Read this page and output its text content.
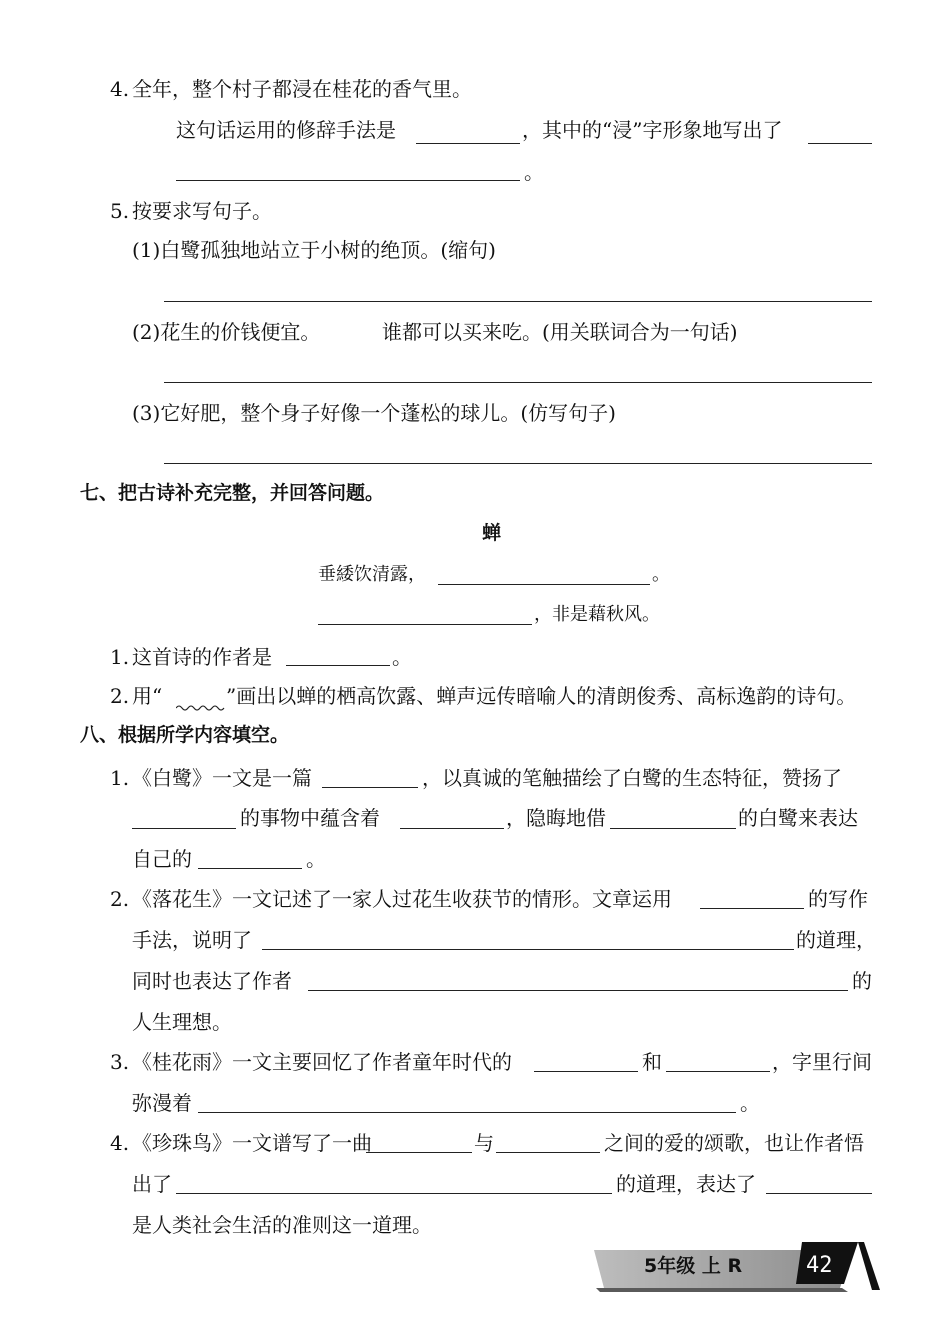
4. 全年，整个村子都浸在桂花的香气里。
这句话运用的修辞手法是	，其中的“浸”字形象地写出了
。
5. 按要求写句子。
(1)白鹭孤独地站立于小树的绝顶。(缩句)
(2)花生的价钱便宜。	谁都可以买来吃。(用关联词合为一句话)
(3)它好肥，整个身子好像一个蓬松的球儿。(仿写句子)
七、把古诗补充完整，并回答问题。
蝉
垂緌饮清露，	。
，非是藉秋风。
1. 这首诗的作者是	。
2. 用“	”画出以蝉的栖高饮露、蝉声远传暗喻人的清朗俊秀、高标逸韵的诗句。
八、根据所学内容填空。
1. 《白鹭》一文是一篇	，以真诚的笔触描绘了白鹭的生态特征，赞扬了
的事物中蕴含着	，隐晦地借	的白鹭来表达
自己的	。
2. 《落花生》一文记述了一家人过花生收获节的情形。文章运用	的写作
手法，说明了	的道理，
同时也表达了作者	的
人生理想。
3. 《桂花雨》一文主要回忆了作者童年时代的	和	，字里行间
弥漫着	。
4. 《珍珠鸟》一文谱写了一曲	与	之间的爱的颂歌，也让作者悟
出了	的道理，表达了
是人类社会生活的准则这一道理。
5年级 上 R	42
